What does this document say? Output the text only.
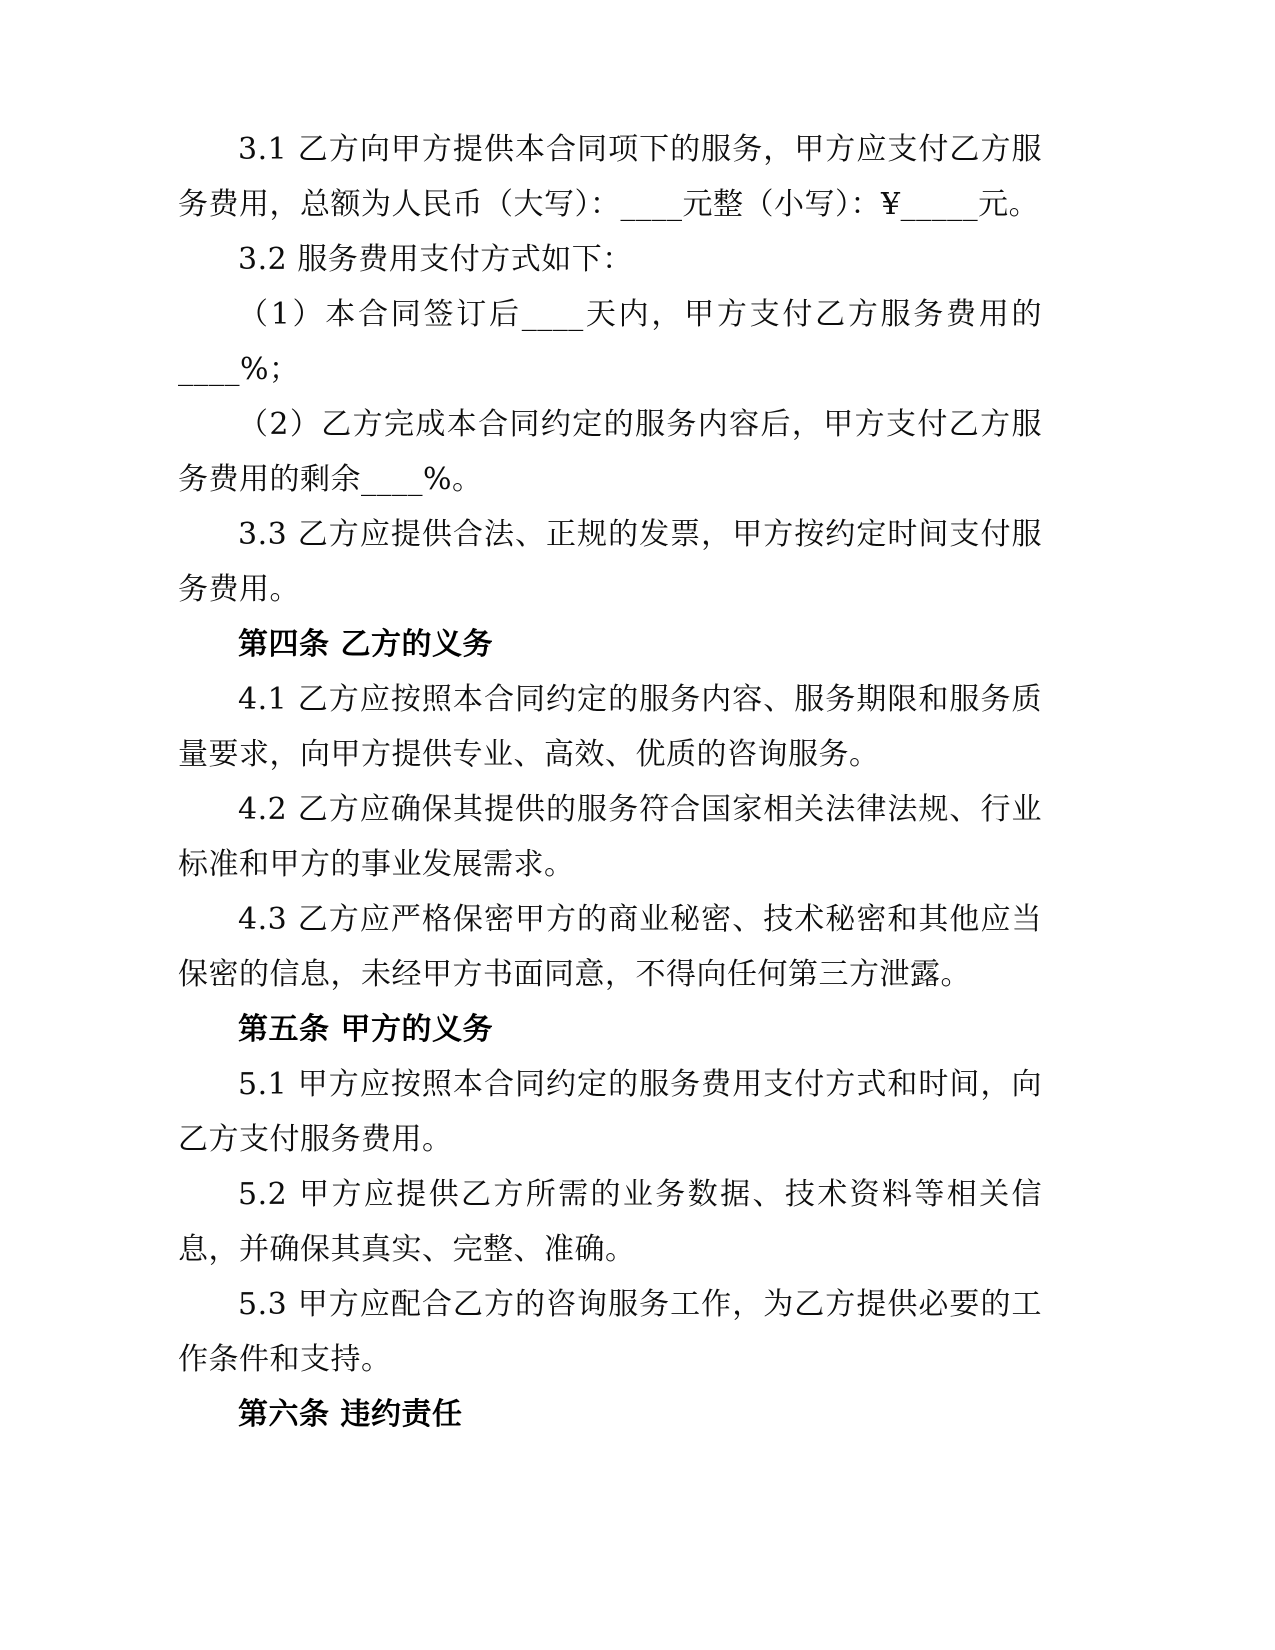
3.1 乙方向甲方提供本合同项下的服务，甲方应支付乙方服务费用，总额为人民币（大写）：____元整（小写）：¥_____元。

3.2 服务费用支付方式如下：

（1）本合同签订后____天内，甲方支付乙方服务费用的____%；

（2）乙方完成本合同约定的服务内容后，甲方支付乙方服务费用的剩余____%。

3.3 乙方应提供合法、正规的发票，甲方按约定时间支付服务费用。

第四条 乙方的义务

4.1 乙方应按照本合同约定的服务内容、服务期限和服务质量要求，向甲方提供专业、高效、优质的咨询服务。

4.2 乙方应确保其提供的服务符合国家相关法律法规、行业标准和甲方的事业发展需求。

4.3 乙方应严格保密甲方的商业秘密、技术秘密和其他应当保密的信息，未经甲方书面同意，不得向任何第三方泄露。

第五条 甲方的义务

5.1 甲方应按照本合同约定的服务费用支付方式和时间，向乙方支付服务费用。

5.2 甲方应提供乙方所需的业务数据、技术资料等相关信息，并确保其真实、完整、准确。

5.3 甲方应配合乙方的咨询服务工作，为乙方提供必要的工作条件和支持。

第六条 违约责任
